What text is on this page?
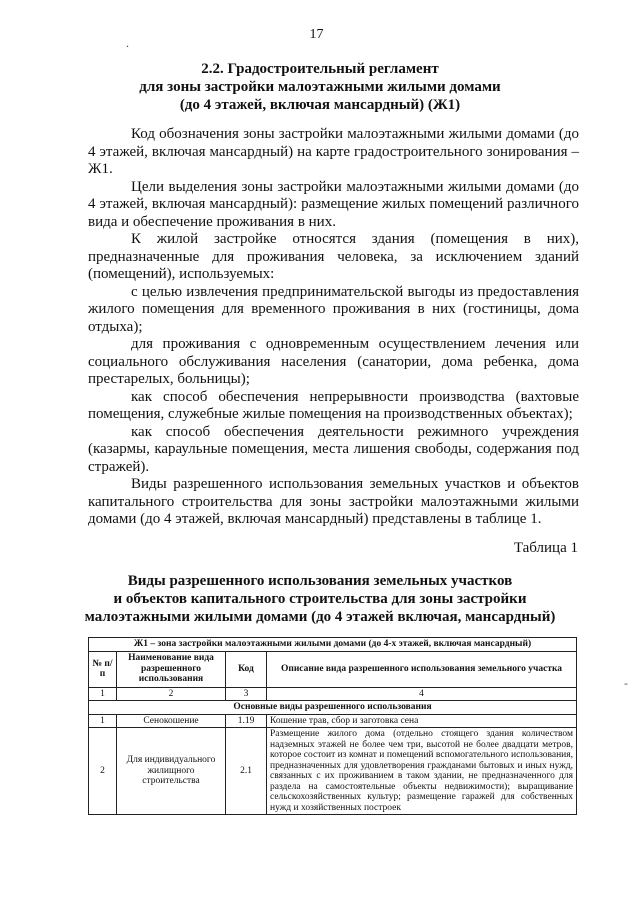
17
.
2.2. Градостроительный регламент
для зоны застройки малоэтажными жилыми домами
(до 4 этажей, включая мансардный) (Ж1)

Код обозначения зоны застройки малоэтажными жилыми домами (до 4 этажей, включая мансардный) на карте градостроительного зонирования – Ж1.

Цели выделения зоны застройки малоэтажными жилыми домами (до 4 этажей, включая мансардный): размещение жилых помещений различного вида и обеспечение проживания в них.

К жилой застройке относятся здания (помещения в них), предназначенные для проживания человека, за исключением зданий (помещений), используемых:

с целью извлечения предпринимательской выгоды из предоставления жилого помещения для временного проживания в них (гостиницы, дома отдыха);

для проживания с одновременным осуществлением лечения или социального обслуживания населения (санатории, дома ребенка, дома престарелых, больницы);

как способ обеспечения непрерывности производства (вахтовые помещения, служебные жилые помещения на производственных объектах);

как способ обеспечения деятельности режимного учреждения (казармы, караульные помещения, места лишения свободы, содержания под стражей).

Виды разрешенного использования земельных участков и объектов капитального строительства для зоны застройки малоэтажными жилыми домами (до 4 этажей, включая мансардный) представлены в таблице 1.

Таблица 1
Виды разрешенного использования земельных участков
и объектов капитального строительства для зоны застройки
малоэтажными жилыми домами (до 4 этажей включая, мансардный)
Ж1 – зона застройки малоэтажными жилыми домами (до 4-х этажей, включая мансардный)			
№ п/п	Наименование вида разрешенного использования	Код	Описание вида разрешенного использования земельного участка
1	2	3	4
Основные виды разрешенного использования			
1	Сенокошение	1.19	Кошение трав, сбор и заготовка сена
2	Для индивидуального жилищного строительства	2.1	Размещение жилого дома (отдельно стоящего здания количеством надземных этажей не более чем три, высотой не более двадцати метров, которое состоит из комнат и помещений вспомогательного использования, предназначенных для удовлетворения гражданами бытовых и иных нужд, связанных с их проживанием в таком здании, не предназначенного для раздела на самостоятельные объекты недвижимости); выращивание сельскохозяйственных культур; размещение гаражей для собственных нужд и хозяйственных построек
-
